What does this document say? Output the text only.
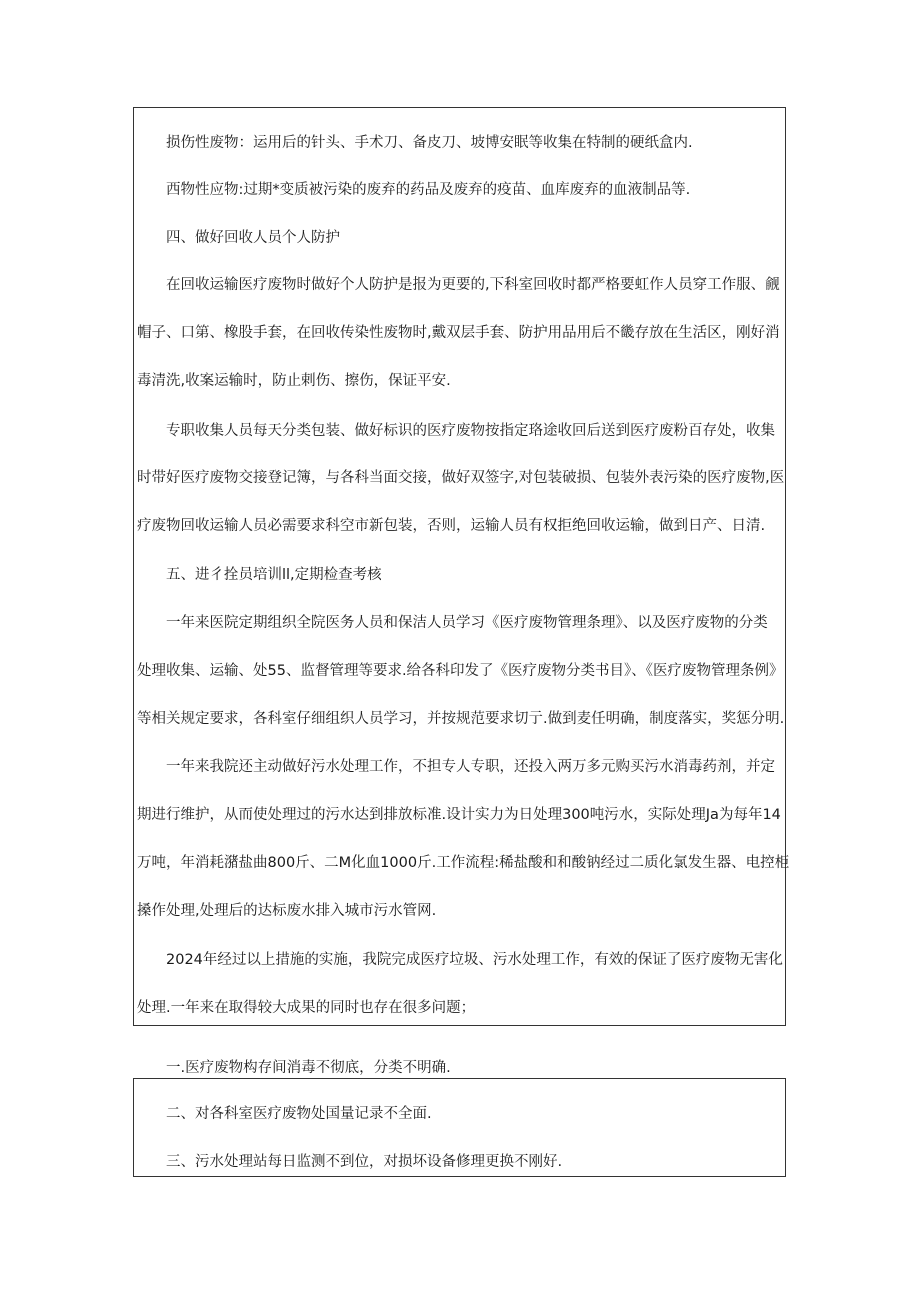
损伤性废物：运用后的针头、手术刀、备皮刀、坡博安眠等收集在特制的硬纸盒内.

西物性应物:过期*变质被污染的废弃的药品及废弃的疫苗、血库废弃的血液制品等.

四、做好回收人员个人防护

在回收运输医疗废物时做好个人防护是报为更要的,下科室回收时都严格要虹作人员穿工作服、觎

帽子、口第、橡股手套，在回收传染性废物时,戴双层手套、防护用品用后不畿存放在生活区，刚好消

毒清洗,收案运输时，防止剌伤、擦伤，保证平安.

专职收集人员每天分类包装、做好标识的医疗废物按指定珞途收回后送到医疗废粉百存处，收集

时带好医疗废物交接登记簿，与各科当面交接，做好双签字,对包装破损、包装外表污染的医疗废物,医

疗废物回收运输人员必需要求科空市新包装，否则，运输人员有权拒绝回收运输，做到日产、日清.

五、进彳拴员培训ll,定期检查考核

一年来医院定期组织全院医务人员和保洁人员学习《医疗废物管理条理》、以及医疗废物的分类

处理收集、运输、处55、监督管理等要求.给各科印发了《医疗废物分类书目》、《医疗废物管理条例》

等相关规定要求，各科室仔细组织人员学习，并按规范要求切亍.做到麦任明确，制度落实，奖惩分明.

一年来我院还主动做好污水处理工作，不担专人专职，还投入两万多元购买污水消毒药剂，并定

期进行维护，从而使处理过的污水达到排放标准.设计实力为日处理300吨污水，实际处理Ja为每年14

万吨，年消耗潴盐曲800斤、二M化血1000斤.工作流程:稀盐酸和和酸钠经过二质化氯发生器、电控柜

搡作处理,处理后的达标废水排入城市污水管网.

2024年经过以上措施的实施，我院完成医疗垃圾、污水处理工作，有效的保证了医疗废物无害化

处理.一年来在取得较大成果的同时也存在很多问题；

一.医疗废物构存间消毒不彻底，分类不明确.

二、对各科室医疗废物处国量记录不全面.

三、污水处理站每日监测不到位，对损坏设备修理更换不刚好.
